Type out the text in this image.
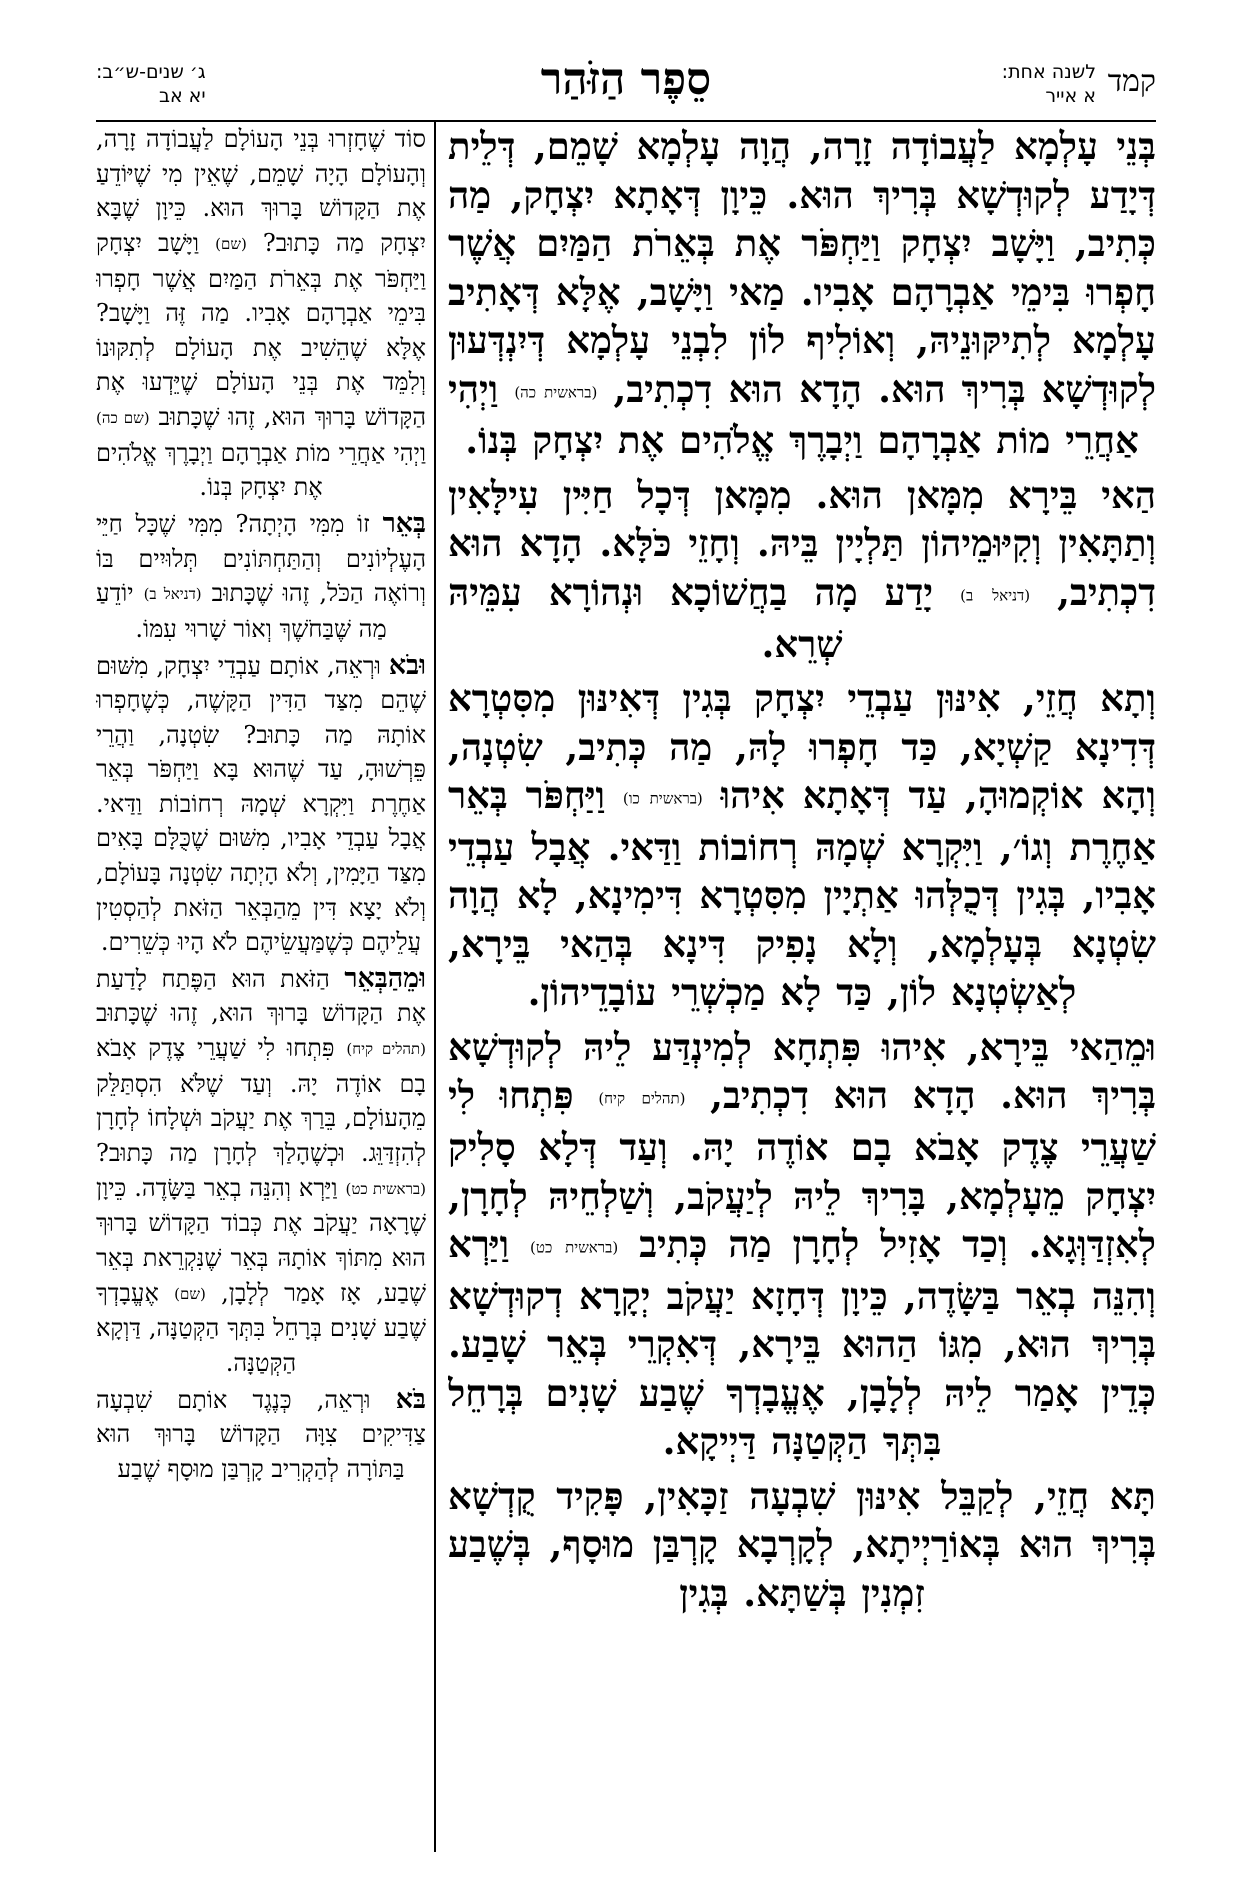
קמד
לשנה אחת:
א אייר
סֵפֶר הַזֹּהַר
ג׳ שנים-ש״ב:
יא אב

בְּנֵי עָלְמָא לַעֲבוֹדָה זָרָה, הֲוָה עָלְמָא שָׁמֵם, דְּלֵית דְּיָדַע לְקוּדְשָׁא בְּרִיךְ הוּא. כֵּיוָן דְּאָתָא יִצְחָק, מַה כְּתִיב, וַיָּשָׁב יִצְחָק וַיַּחְפֹּר אֶת בְּאֵרֹת הַמַּיִם אֲשֶׁר חָפְרוּ בִּימֵי אַבְרָהָם אָבִיו. מַאי וַיָּשָׁב, אֶלָּא דְּאָתִיב עָלְמָא לְתִיקּוּנֵיהּ, וְאוֹלִיף לוֹן לִבְנֵי עָלְמָא דְּיִנְדְּעוּן לְקוּדְשָׁא בְּרִיךְ הוּא. הָדָא הוּא דִכְתִיב, (בראשית כה) וַיְהִי אַחֲרֵי מוֹת אַבְרָהָם וַיְבָרֶךְ אֱלֹהִים אֶת יִצְחָק בְּנוֹ.

הַאי בֵּירָא מִמָּאן הוּא. מִמָּאן דְּכָל חַיִּין עִילָּאִין וְתַתָּאִין וְקִיּוּמֵיהוֹן תַּלְיָין בֵּיהּ. וְחָזֵי כֹּלָּא. הָדָא הוּא דִכְתִיב, (דניאל ב) יָדַע מָה בַחֲשׁוֹכָא וּנְהוֹרָא עִמֵּיהּ שְׁרֵא.

וְתָא חֲזֵי, אִינּוּן עַבְדֵי יִצְחָק בְּגִין דְּאִינּוּן מִסִּטְרָא דְּדִינָא קַשְׁיָא, כַּד חָפְרוּ לָהּ, מַה כְּתִיב, שִׂטְנָה, וְהָא אוֹקְמוּהָ, עַד דְּאָתָא אִיהוּ (בראשית כו) וַיַּחְפֹּר בְּאֵר אַחֶרֶת וְגוֹ׳, וַיִּקְרָא שְׁמָהּ רְחוֹבוֹת וַדַּאי. אֲבָל עַבְדֵי אָבִיו, בְּגִין דְּכֻלְּהוּ אַתְיָין מִסִּטְרָא דִּימִינָא, לָא הֲוָה שִׂטְנָא בְּעָלְמָא, וְלָא נָפִיק דִּינָא בְּהַאי בֵּירָא, לְאַשְׂטְנָא לוֹן, כַּד לָא מַכְשְׁרֵי עוֹבָדֵיהוֹן.

וּמֵהַאי בֵּירָא, אִיהוּ פִּתְחָא לְמִינְדַּע לֵיהּ לְקוּדְשָׁא בְּרִיךְ הוּא. הָדָא הוּא דִכְתִיב, (תהלים קיח) פִּתְחוּ לִי שַׁעֲרֵי צֶדֶק אָבֹא בָם אוֹדֶה יָהּ. וְעַד דְּלָא סָלִיק יִצְחָק מֵעָלְמָא, בָּרִיךְ לֵיהּ לְיַעֲקֹב, וְשַׁלְחֵיהּ לְחָרָן, לְאִזְדַּוְּגָא. וְכַד אָזִיל לְחָרָן מַה כְּתִיב (בראשית כט) וַיַּרְא וְהִנֵּה בְאֵר בַּשָּׂדֶה, כֵּיוָן דְּחָזָא יַעֲקֹב יְקָרָא דְקוּדְשָׁא בְּרִיךְ הוּא, מִגּוֹ הַהוּא בֵּירָא, דְּאִקְרֵי בְּאֵר שָׁבַע. כְּדֵין אָמַר לֵיהּ לְלָבָן, אֶעֱבָדְךָ שֶׁבַע שָׁנִים בְּרָחֵל בִּתְּךָ הַקְּטַנָּה דַּיְיקָא.

תָּא חֲזֵי, לְקַבֵּל אִינּוּן שִׁבְעָה זַכָּאִין, פָּקִיד קֻדְשָׁא בְּרִיךְ הוּא בְּאוֹרַיְיתָא, לְקָרְבָא קָרְבַּן מוּסָף, בְּשֶׁבַע זִמְנִין בְּשַׁתָּא. בְּגִין

סוֹד שֶׁחָזְרוּ בְּנֵי הָעוֹלָם לַעֲבוֹדָה זָרָה, וְהָעוֹלָם הָיָה שָׁמֵם, שֶׁאֵין מִי שֶׁיּוֹדֵעַ אֶת הַקָּדוֹשׁ בָּרוּךְ הוּא. כֵּיוָן שֶׁבָּא יִצְחָק מַה כָּתוּב? (שם) וַיָּשָׁב יִצְחָק וַיַּחְפֹּר אֶת בְּאֵרֹת הַמַּיִם אֲשֶׁר חָפְרוּ בִּימֵי אַבְרָהָם אָבִיו. מַה זֶּה וַיָּשָׁב? אֶלָּא שֶׁהֵשִׁיב אֶת הָעוֹלָם לְתִקּוּנוֹ וְלִמֵּד אֶת בְּנֵי הָעוֹלָם שֶׁיֵּדְעוּ אֶת הַקָּדוֹשׁ בָּרוּךְ הוּא, זֶהוּ שֶׁכָּתוּב (שם כה) וַיְהִי אַחֲרֵי מוֹת אַבְרָהָם וַיְבָרֶךְ אֱלֹהִים אֶת יִצְחָק בְּנוֹ.

בְּאֵר זוֹ מִמִּי הָיְתָה? מִמִּי שֶׁכָּל חַיֵּי הָעֶלְיוֹנִים וְהַתַּחְתּוֹנִים תְּלוּיִים בּוֹ וְרוֹאֶה הַכֹּל, זֶהוּ שֶׁכָּתוּב (דניאל ב) יוֹדֵעַ מַה שֶּׁבַּחֹשֶׁךְ וְאוֹר שָׁרוּי עִמּוֹ.

וּבֹא וּרְאֵה, אוֹתָם עַבְדֵי יִצְחָק, מִשּׁוּם שֶׁהֵם מִצַּד הַדִּין הַקָּשֶׁה, כְּשֶׁחָפְרוּ אוֹתָהּ מַה כָּתוּב? שִׂטְנָה, וַהֲרֵי פֵּרְשׁוּהָ, עַד שֶׁהוּא בָּא וַיַּחְפֹּר בְּאֵר אַחֶרֶת וַיִּקְרָא שְׁמָהּ רְחוֹבוֹת וַדַּאי. אֲבָל עַבְדֵי אָבִיו, מִשּׁוּם שֶׁכֻּלָּם בָּאִים מִצַּד הַיָּמִין, וְלֹא הָיְתָה שִׂטְנָה בָּעוֹלָם, וְלֹא יָצָא דִּין מֵהַבְּאֵר הַזֹּאת לְהַסְטִין עֲלֵיהֶם כְּשֶׁמַּעֲשֵׂיהֶם לֹא הָיוּ כְּשֵׁרִים.

וּמֵהַבְּאֵר הַזֹּאת הוּא הַפֶּתַח לָדַעַת אֶת הַקָּדוֹשׁ בָּרוּךְ הוּא, זֶהוּ שֶׁכָּתוּב (תהלים קיח) פִּתְחוּ לִי שַׁעֲרֵי צֶדֶק אָבֹא בָם אוֹדֶה יָהּ. וְעַד שֶׁלֹּא הִסְתַּלֵּק מֵהָעוֹלָם, בֵּרַךְ אֶת יַעֲקֹב וּשְׁלָחוֹ לְחָרָן לְהִזְדַּוֵּג. וּכְשֶׁהָלַךְ לְחָרָן מַה כָּתוּב? (בראשית כט) וַיַּרְא וְהִנֵּה בְאֵר בַּשָּׂדֶה. כֵּיוָן שֶׁרָאָה יַעֲקֹב אֶת כְּבוֹד הַקָּדוֹשׁ בָּרוּךְ הוּא מִתּוֹךְ אוֹתָהּ בְּאֵר שֶׁנִּקְרֵאת בְּאֵר שֶׁבַע, אָז אָמַר לְלָבָן, (שם) אֶעֱבָדְךָ שֶׁבַע שָׁנִים בְּרָחֵל בִּתְּךָ הַקְּטַנָּה, דַּוְקָא הַקְּטַנָּה.

בֹּא וּרְאֵה, כְּנֶגֶד אוֹתָם שִׁבְעָה צַדִּיקִים צִוָּה הַקָּדוֹשׁ בָּרוּךְ הוּא בַּתּוֹרָה לְהַקְרִיב קָרְבַּן מוּסָף שֶׁבַע
